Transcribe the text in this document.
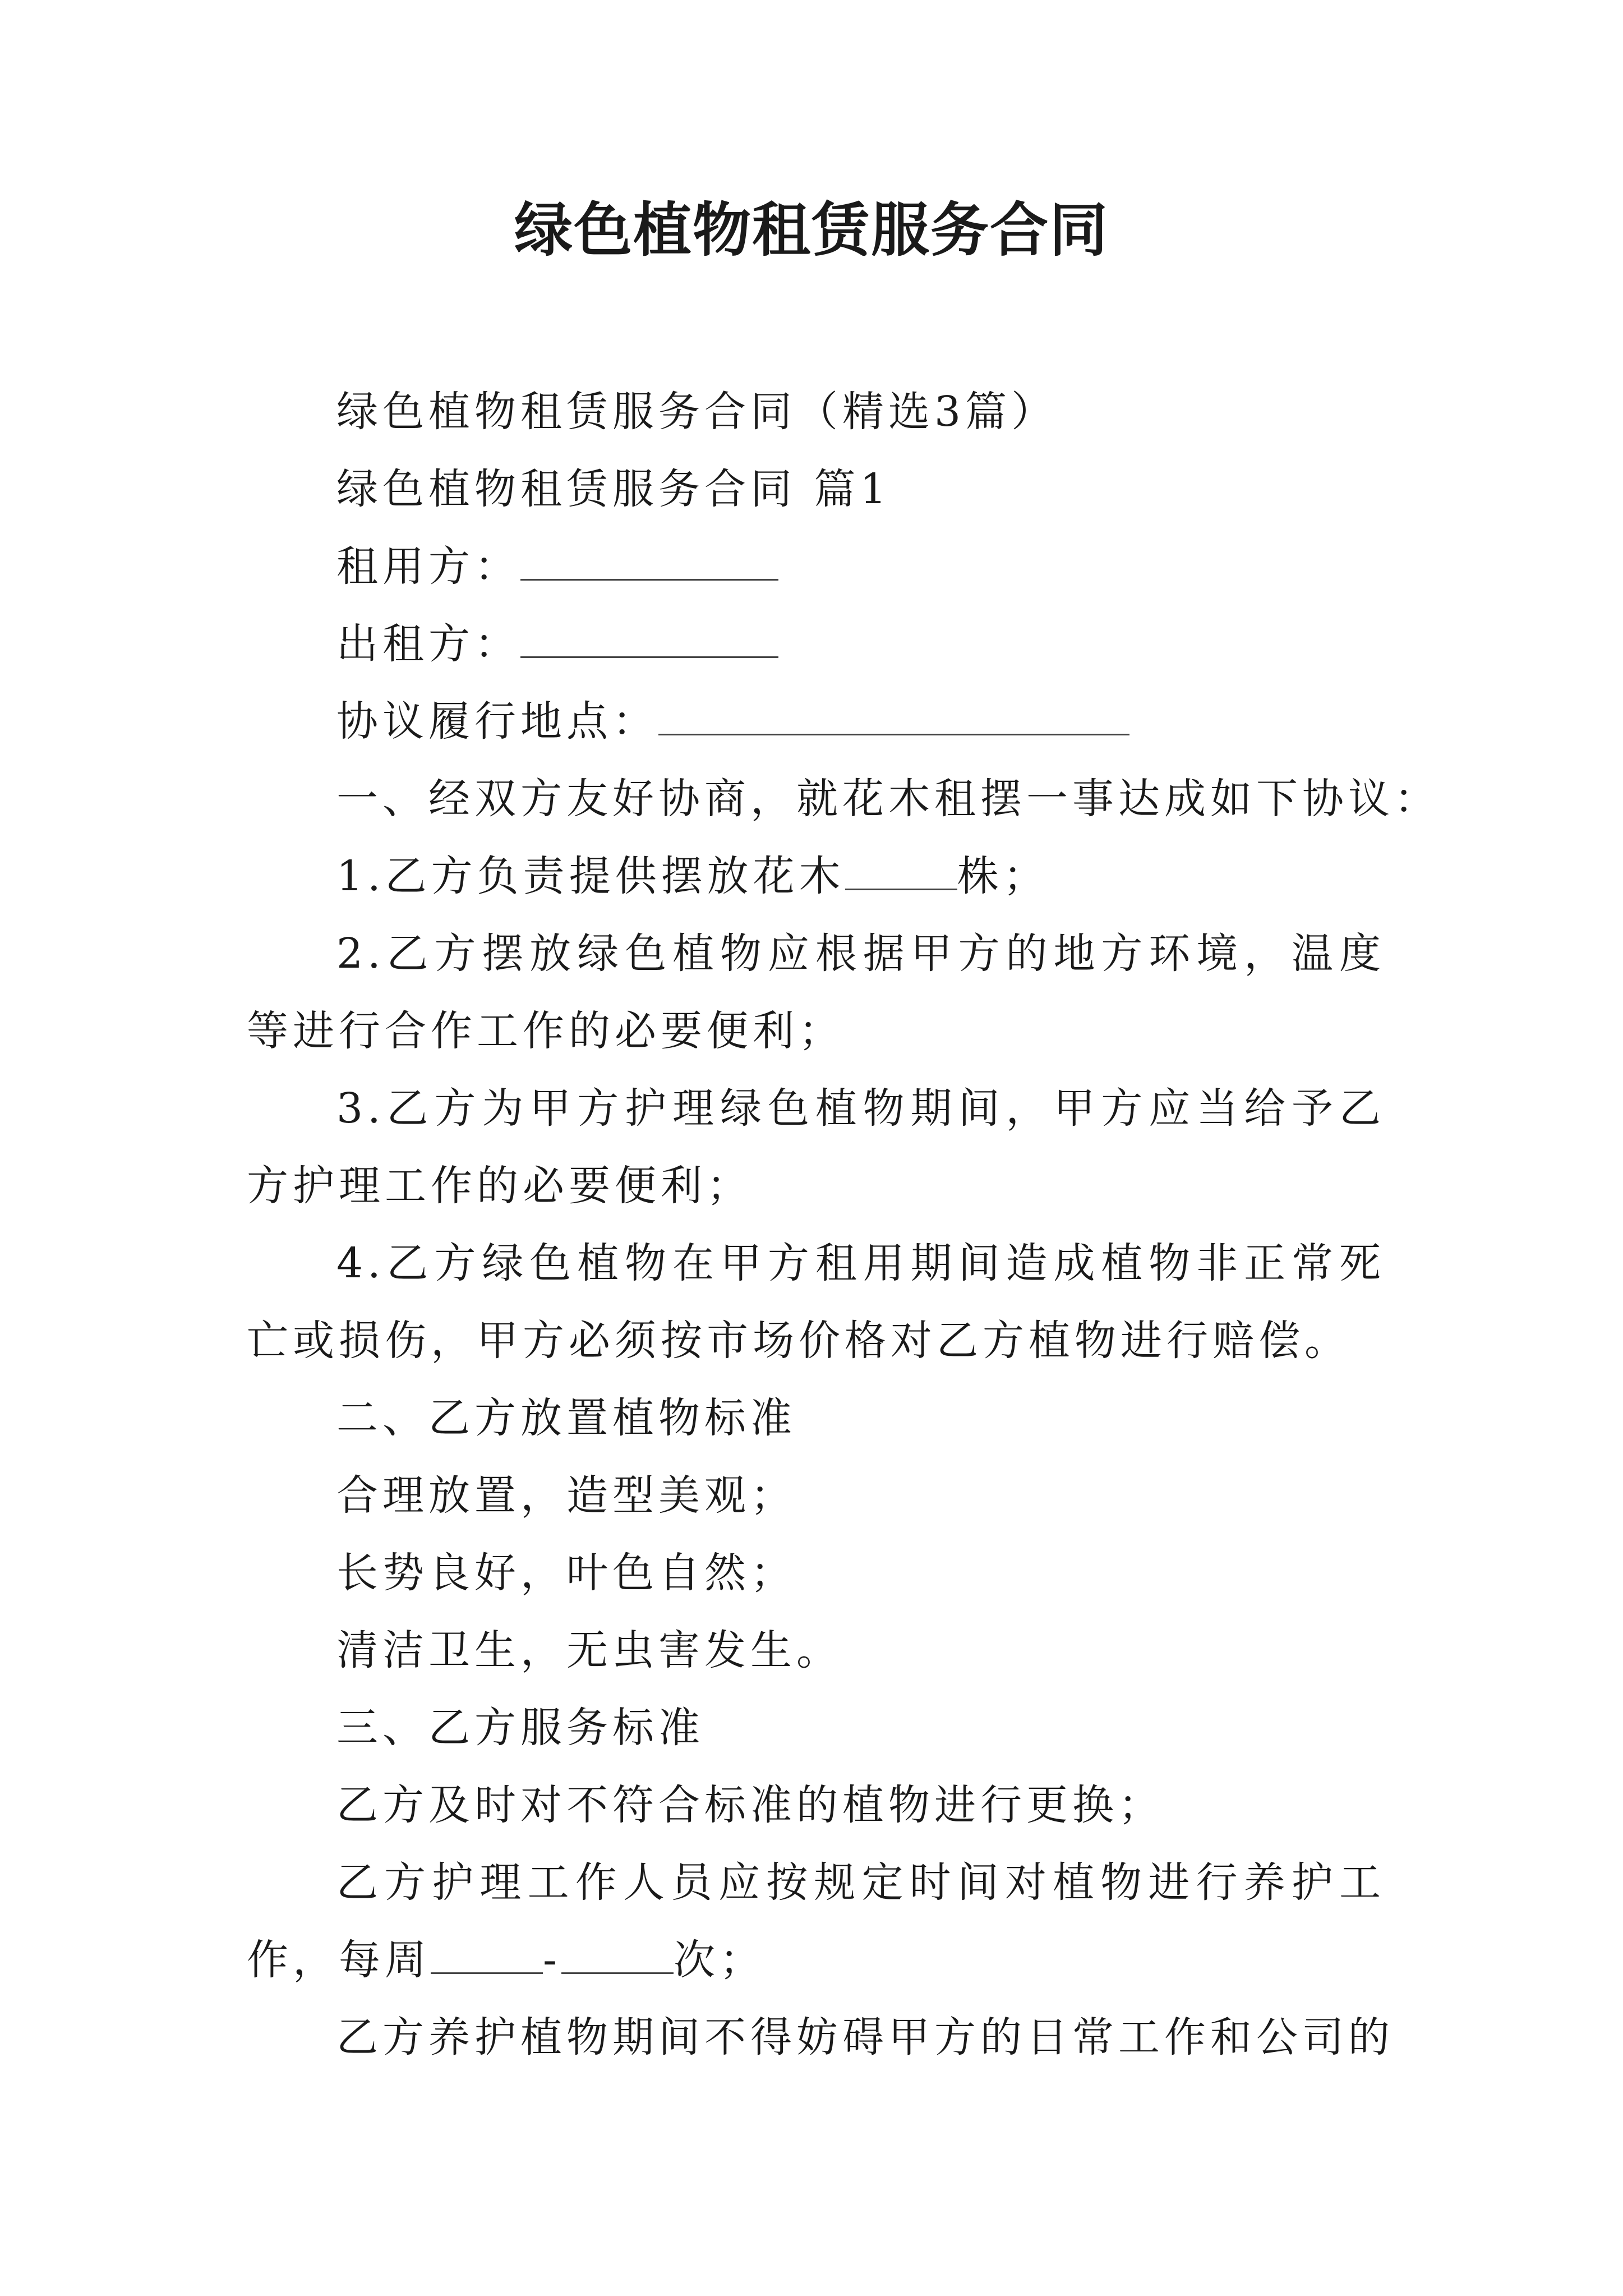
绿色植物租赁服务合同

绿色植物租赁服务合同（精选3篇）

绿色植物租赁服务合同 篇1

租用方：

出租方：

协议履行地点：

一、经双方友好协商，就花木租摆一事达成如下协议：

1.乙方负责提供摆放花木	株；

2.乙方摆放绿色植物应根据甲方的地方环境，温度等进行合作工作的必要便利；

3.乙方为甲方护理绿色植物期间，甲方应当给予乙方护理工作的必要便利；

4.乙方绿色植物在甲方租用期间造成植物非正常死亡或损伤，甲方必须按市场价格对乙方植物进行赔偿。

二、乙方放置植物标准

合理放置，造型美观；

长势良好，叶色自然；

清洁卫生，无虫害发生。

三、乙方服务标准

乙方及时对不符合标准的植物进行更换；

乙方护理工作人员应按规定时间对植物进行养护工作，每周	-	次；

乙方养护植物期间不得妨碍甲方的日常工作和公司的
